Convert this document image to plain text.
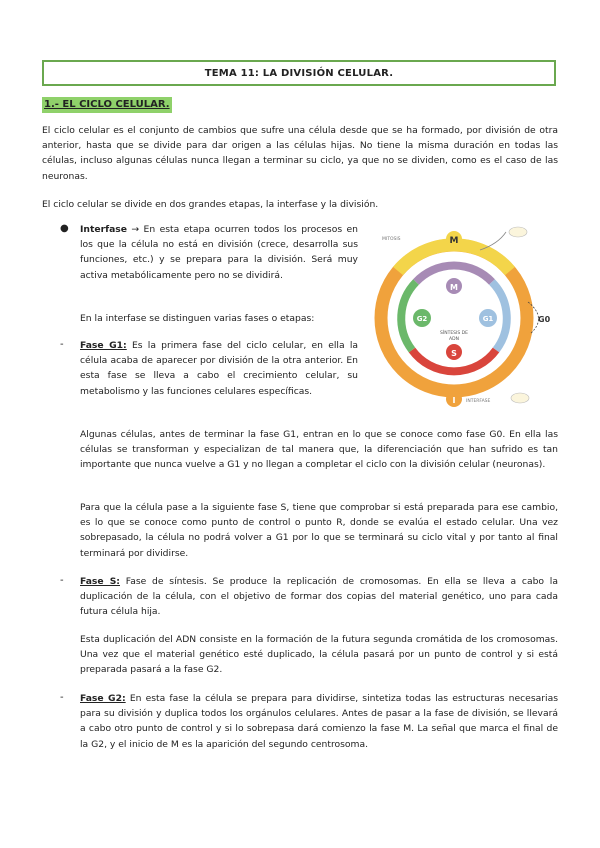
TEMA 11: LA DIVISIÓN CELULAR.
1.- EL CICLO CELULAR.

El ciclo celular es el conjunto de cambios que sufre una célula desde que se ha formado, por división de otra anterior, hasta que se divide para dar origen a las células hijas. No tiene la misma duración en todas las células, incluso algunas células nunca llegan a terminar su ciclo, ya que no se dividen, como es el caso de las neuronas.

El ciclo celular se divide en dos grandes etapas, la interfase y la división.

● Interfase → En esta etapa ocurren todos los procesos en los que la célula no está en división (crece, desarrolla sus funciones, etc.) y se prepara para la división. Será muy activa metabólicamente pero no se dividirá.

En la interfase se distinguen varias fases o etapas:

- Fase G1: Es la primera fase del ciclo celular, en ella la célula acaba de aparecer por división de la otra anterior. En esta fase se lleva a cabo el crecimiento celular, su metabolismo y las funciones celulares específicas.

Algunas células, antes de terminar la fase G1, entran en lo que se conoce como fase G0. En ella las células se transforman y especializan de tal manera que, la diferenciación que han sufrido es tan importante que nunca vuelve a G1 y no llegan a completar el ciclo con la división celular (neuronas).

Para que la célula pase a la siguiente fase S, tiene que comprobar si está preparada para ese cambio, es lo que se conoce como punto de control o punto R, donde se evalúa el estado celular. Una vez sobrepasado, la célula no podrá volver a G1 por lo que se terminará su ciclo vital y por tanto al final terminará por dividirse.

- Fase S: Fase de síntesis. Se produce la replicación de cromosomas. En ella se lleva a cabo la duplicación de la célula, con el objetivo de formar dos copias del material genético, uno para cada futura célula hija.

Esta duplicación del ADN consiste en la formación de la futura segunda cromátida de los cromosomas. Una vez que el material genético esté duplicado, la célula pasará por un punto de control y si está preparada pasará a la fase G2.

- Fase G2: En esta fase la célula se prepara para dividirse, sintetiza todas las estructuras necesarias para su división y duplica todos los orgánulos celulares. Antes de pasar a la fase de división, se llevará a cabo otro punto de control y si lo sobrepasa dará comienzo la fase M. La señal que marca el final de la G2, y el inicio de M es la aparición del segundo centrosoma.

M
M
G2	G1
S
I
SÍNTESIS DE
ADN
MITOSIS
INTERFASE
G0
